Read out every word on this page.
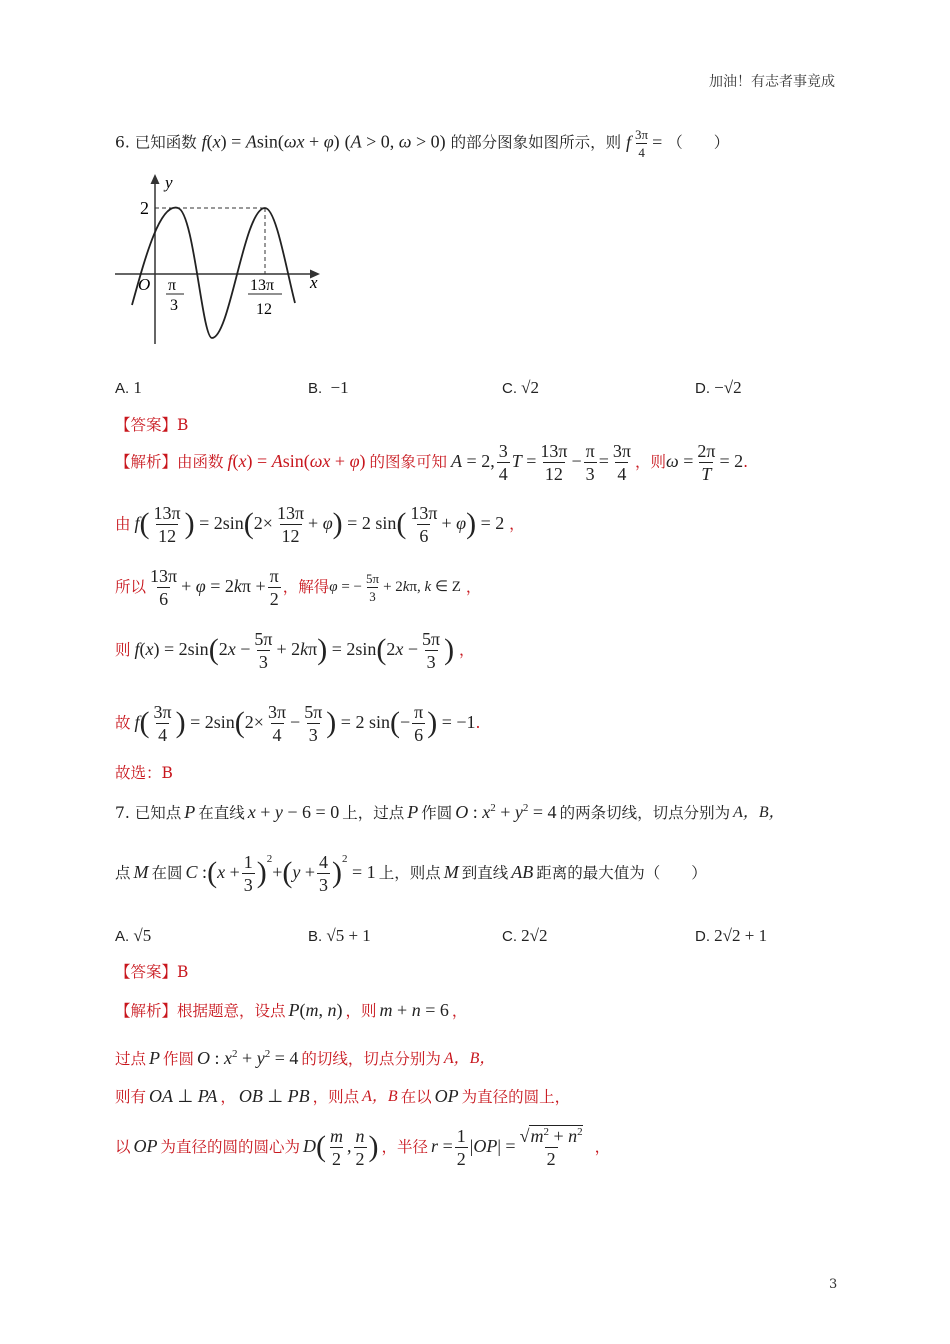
加油！有志者事竟成
6. 已知函数 f(x) = Asin(ωx + φ) (A > 0, ω > 0) 的部分图象如图所示，则 f $\frac{3\pi}{4}$ = （　　）
y
x
O
2
π
3
13π
12
A. 1	B. −1	C. √2	D. −√2
【答案】B
【解析】 由函数 f(x) = Asin(ωx + φ) 的图象可知 A = 2, $\frac{3}{4}$ $T = \frac{13\pi}{12} - \frac{\pi}{3} = \frac{3\pi}{4}$ ，则 $\omega = \frac{2\pi}{T} = 2$ .
由 f ( $\frac{13\pi}{12}$ ) = 2sin ( $2\times \frac{13\pi}{12} + \varphi$ ) = 2 sin ( $\frac{13\pi}{6} + \varphi$ ) = 2 ，
所以 $\frac{13\pi}{6} + \varphi = 2$ k $\pi + \frac{\pi}{2}$ ，解得 φ = − $\frac{5\pi}{3} + 2$ k π, k ∈ Z ，
则 f ( x ) = 2sin ( 2 $x - \frac{5\pi}{3} + 2$ k π ) = 2sin ( 2 $x - \frac{5\pi}{3}$ ) ，
故 f ( $\frac{3\pi}{4}$ ) = 2sin ( $2\times \frac{3\pi}{4} - \frac{5\pi}{3}$ ) = 2 sin ( − $\frac{\pi}{6}$ ) = −1 .
故选：B
7. 已知点 P 在直线 x + y − 6 = 0 上，过点 P 作圆 O : $x^2 + y^2 = 4$ 的两条切线，切点分别为 A，B，
点 M 在圆 C : ( $x + \frac{1}{3} )^2$
+ ( $y + \frac{4}{3} )^2$
= 1 上，则点 M 到直线 AB 距离的最大值为（　　）
A. √5	B. √5 + 1	C. 2√2	D. 2√2 + 1
【答案】B
【解析】 根据题意，设点 P(m, n) ，则 m + n = 6 ，
过点 P 作圆 O : $x^2 + y^2 = 4$ 的切线，切点分别为 A，B，
则有 OA ⊥ PA ， OB ⊥ PB ，则点 A，B 在以 OP 为直径的圆上，
以 OP 为直径的圆的圆心为 D ( $\frac{m}{2}$ , $\frac{n}{2}$ ) ，半径 $r = \frac{1}{2}$ | OP | = $\frac{√m^2 + n^2}{2}$ ，
3
